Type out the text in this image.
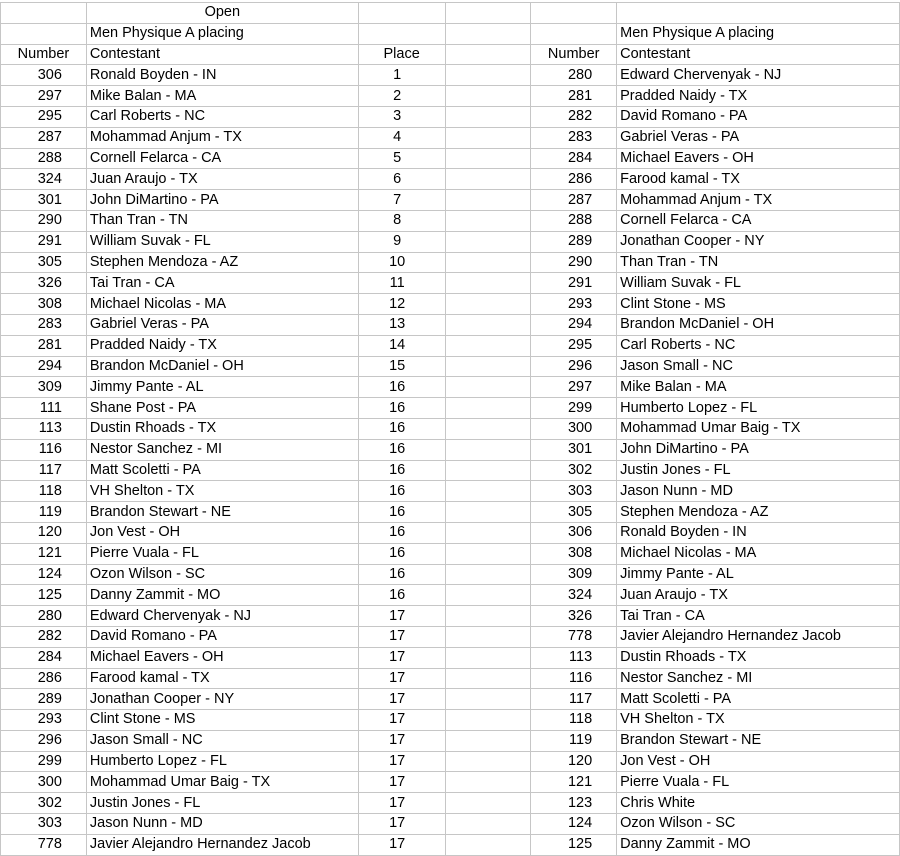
	Open				
	Men Physique A placing				Men Physique A placing
Number	Contestant	Place		Number	Contestant
306	Ronald Boyden - IN	1		280	Edward Chervenyak - NJ
297	Mike Balan - MA	2		281	Pradded Naidy - TX
295	Carl Roberts - NC	3		282	David Romano - PA
287	Mohammad Anjum - TX	4		283	Gabriel Veras - PA
288	Cornell Felarca - CA	5		284	Michael Eavers - OH
324	Juan Araujo - TX	6		286	Farood kamal - TX
301	John DiMartino - PA	7		287	Mohammad Anjum - TX
290	Than Tran - TN	8		288	Cornell Felarca - CA
291	William Suvak - FL	9		289	Jonathan Cooper - NY
305	Stephen Mendoza - AZ	10		290	Than Tran - TN
326	Tai Tran - CA	11		291	William Suvak - FL
308	Michael Nicolas - MA	12		293	Clint Stone - MS
283	Gabriel Veras - PA	13		294	Brandon McDaniel - OH
281	Pradded Naidy - TX	14		295	Carl Roberts - NC
294	Brandon McDaniel - OH	15		296	Jason Small - NC
309	Jimmy Pante - AL	16		297	Mike Balan - MA
111	Shane Post - PA	16		299	Humberto Lopez - FL
113	Dustin Rhoads - TX	16		300	Mohammad Umar Baig - TX
116	Nestor Sanchez - MI	16		301	John DiMartino - PA
117	Matt Scoletti - PA	16		302	Justin Jones - FL
118	VH Shelton - TX	16		303	Jason Nunn - MD
119	Brandon Stewart - NE	16		305	Stephen Mendoza - AZ
120	Jon Vest - OH	16		306	Ronald Boyden - IN
121	Pierre Vuala - FL	16		308	Michael Nicolas - MA
124	Ozon Wilson - SC	16		309	Jimmy Pante - AL
125	Danny Zammit - MO	16		324	Juan Araujo - TX
280	Edward Chervenyak - NJ	17		326	Tai Tran - CA
282	David Romano - PA	17		778	Javier Alejandro Hernandez Jacob
284	Michael Eavers - OH	17		113	Dustin Rhoads - TX
286	Farood kamal - TX	17		116	Nestor Sanchez - MI
289	Jonathan Cooper - NY	17		117	Matt Scoletti - PA
293	Clint Stone - MS	17		118	VH Shelton - TX
296	Jason Small - NC	17		119	Brandon Stewart - NE
299	Humberto Lopez - FL	17		120	Jon Vest - OH
300	Mohammad Umar Baig - TX	17		121	Pierre Vuala - FL
302	Justin Jones - FL	17		123	Chris White
303	Jason Nunn - MD	17		124	Ozon Wilson - SC
778	Javier Alejandro Hernandez Jacob	17		125	Danny Zammit - MO
